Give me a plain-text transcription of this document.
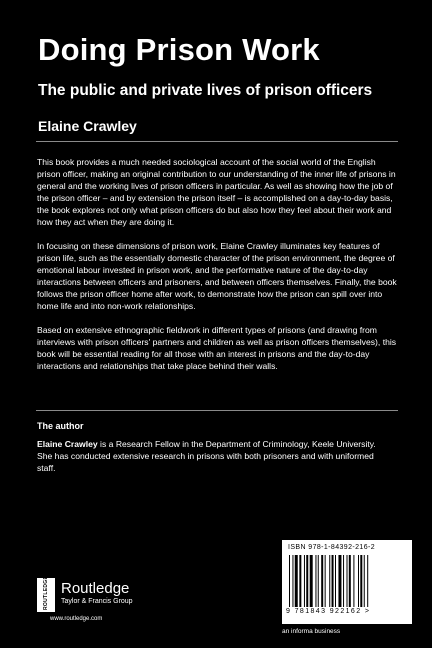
Doing Prison Work
The public and private lives of prison officers
Elaine Crawley

This book provides a much needed sociological account of the social world of the English prison officer, making an original contribution to our understanding of the inner life of prisons in general and the working lives of prison officers in particular. As well as showing how the job of the prison officer – and by extension the prison itself – is accomplished on a day-to-day basis, the book explores not only what prison officers do but also how they feel about their work and how they act when they are doing it.

In focusing on these dimensions of prison work, Elaine Crawley illuminates key features of prison life, such as the essentially domestic character of the prison environment, the degree of emotional labour invested in prison work, and the performative nature of the day-to-day interactions between officers and prisoners, and between officers themselves. Finally, the book follows the prison officer home after work, to demonstrate how the prison can spill over into home life and into non-work relationships.

Based on extensive ethnographic fieldwork in different types of prisons (and drawing from interviews with prison officers' partners and children as well as prison officers themselves), this book will be essential reading for all those with an interest in prisons and the day-to-day interactions and relationships that take place behind their walls.

The author
Elaine Crawley is a Research Fellow in the Department of Criminology, Keele University. She has conducted extensive research in prisons with both prisoners and with uniformed staff.
ROUTLEDGE Routledge
Taylor & Francis Group
www.routledge.com
ISBN 978-1-84392-216-2
9 781843 922162 >
an informa business
